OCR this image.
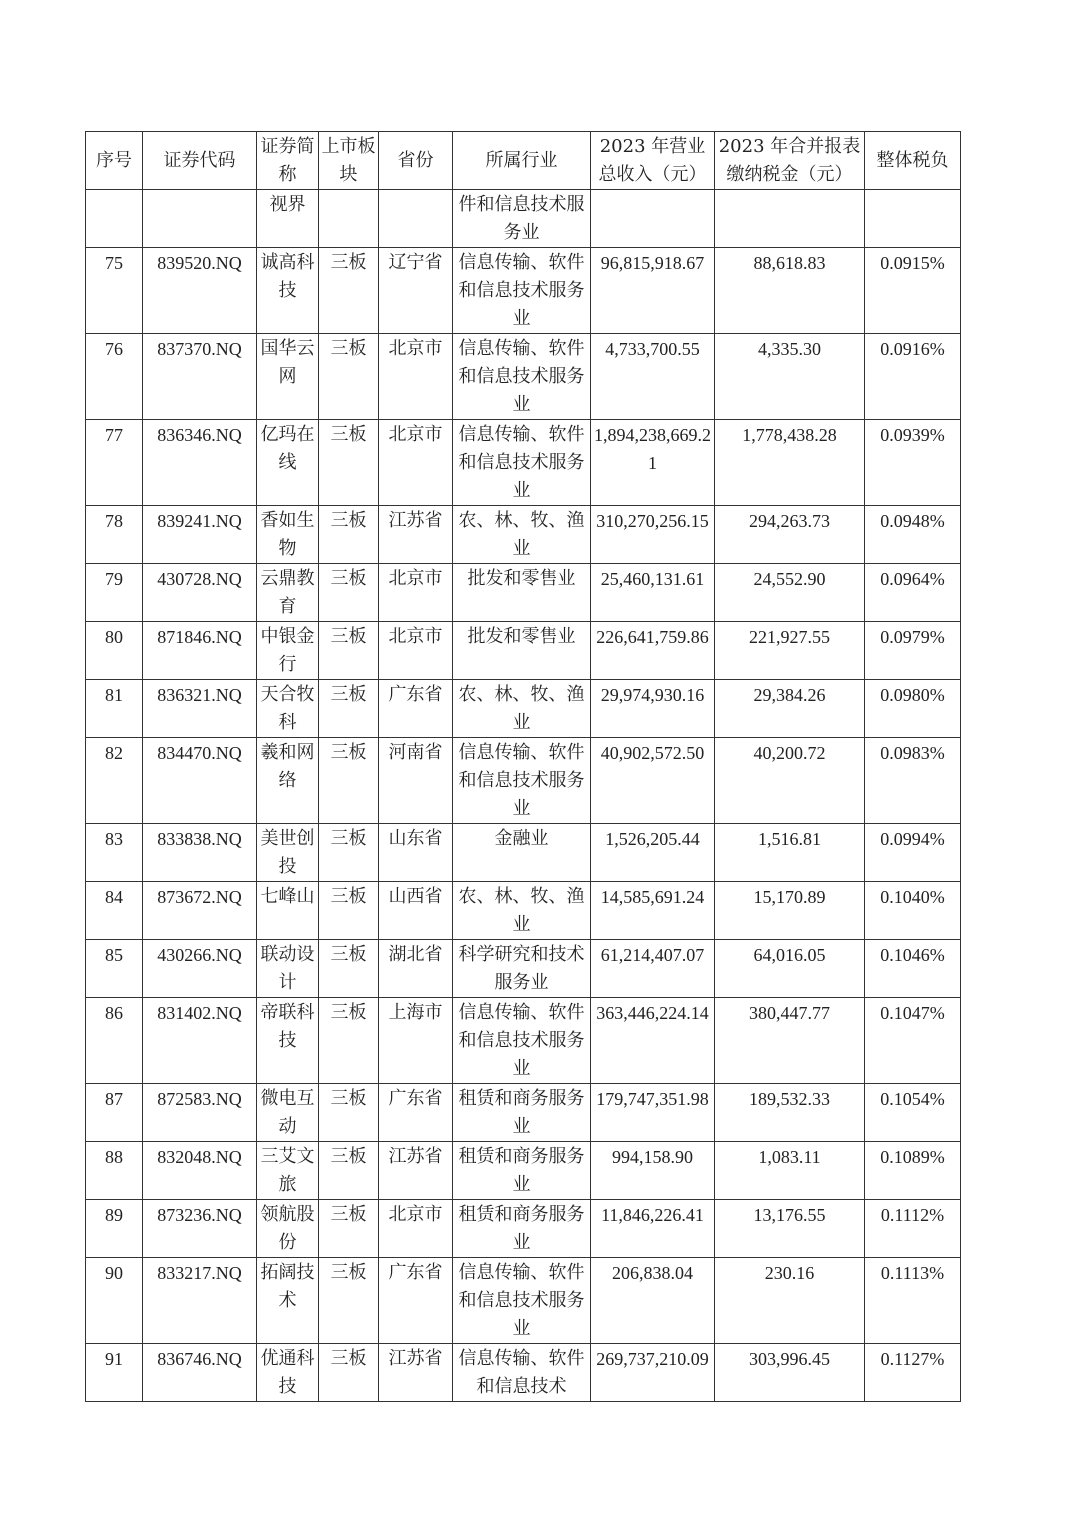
序号	证券代码	证券简称	上市板块	省份	所属行业	2023 年营业总收入（元）	2023 年合并报表缴纳税金（元）	整体税负
		视界			件和信息技术服务业			
75	839520.NQ	诚高科技	三板	辽宁省	信息传输、软件和信息技术服务业	96,815,918.67	88,618.83	0.0915%
76	837370.NQ	国华云网	三板	北京市	信息传输、软件和信息技术服务业	4,733,700.55	4,335.30	0.0916%
77	836346.NQ	亿玛在线	三板	北京市	信息传输、软件和信息技术服务业	1,894,238,669.21	1,778,438.28	0.0939%
78	839241.NQ	香如生物	三板	江苏省	农、林、牧、渔业	310,270,256.15	294,263.73	0.0948%
79	430728.NQ	云鼎教育	三板	北京市	批发和零售业	25,460,131.61	24,552.90	0.0964%
80	871846.NQ	中银金行	三板	北京市	批发和零售业	226,641,759.86	221,927.55	0.0979%
81	836321.NQ	天合牧科	三板	广东省	农、林、牧、渔业	29,974,930.16	29,384.26	0.0980%
82	834470.NQ	羲和网络	三板	河南省	信息传输、软件和信息技术服务业	40,902,572.50	40,200.72	0.0983%
83	833838.NQ	美世创投	三板	山东省	金融业	1,526,205.44	1,516.81	0.0994%
84	873672.NQ	七峰山	三板	山西省	农、林、牧、渔业	14,585,691.24	15,170.89	0.1040%
85	430266.NQ	联动设计	三板	湖北省	科学研究和技术服务业	61,214,407.07	64,016.05	0.1046%
86	831402.NQ	帝联科技	三板	上海市	信息传输、软件和信息技术服务业	363,446,224.14	380,447.77	0.1047%
87	872583.NQ	微电互动	三板	广东省	租赁和商务服务业	179,747,351.98	189,532.33	0.1054%
88	832048.NQ	三艾文旅	三板	江苏省	租赁和商务服务业	994,158.90	1,083.11	0.1089%
89	873236.NQ	领航股份	三板	北京市	租赁和商务服务业	11,846,226.41	13,176.55	0.1112%
90	833217.NQ	拓阔技术	三板	广东省	信息传输、软件和信息技术服务业	206,838.04	230.16	0.1113%
91	836746.NQ	优通科技	三板	江苏省	信息传输、软件和信息技术	269,737,210.09	303,996.45	0.1127%
